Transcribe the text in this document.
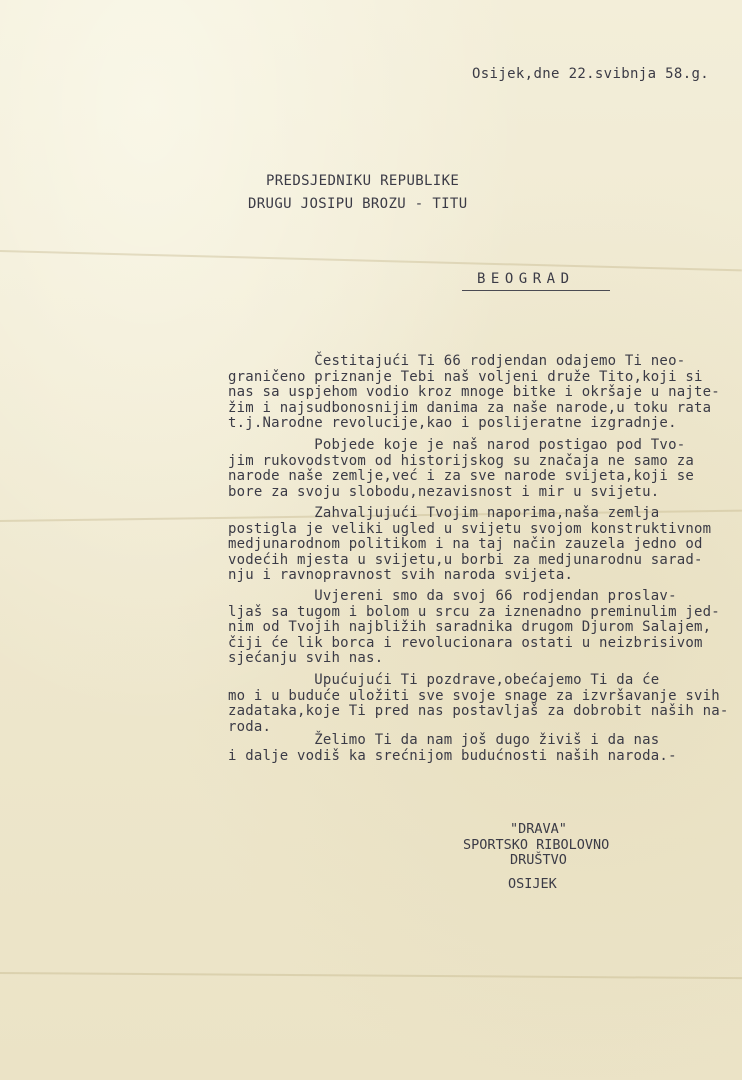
Osijek,dne 22.svibnja 58.g.
PREDSJEDNIKU REPUBLIKE
DRUGU JOSIPU BROZU - TITU
BEOGRAD
Čestitajući Ti 66 rodjendan odajemo Ti neo-
graničeno priznanje Tebi naš voljeni druže Tito,koji si
nas sa uspjehom vodio kroz mnoge bitke i okršaje u najte-
žim i najsudbonosnijim danima za naše narode,u toku rata
t.j.Narodne revolucije,kao i poslijeratne izgradnje.
Pobjede koje je naš narod postigao pod Tvo-
jim rukovodstvom od historijskog su značaja ne samo za
narode naše zemlje,već i za sve narode svijeta,koji se
bore za svoju slobodu,nezavisnost i mir u svijetu.
Zahvaljujući Tvojim naporima,naša zemlja
postigla je veliki ugled u svijetu svojom konstruktivnom
medjunarodnom politikom i na taj način zauzela jedno od
vodećih mjesta u svijetu,u borbi za medjunarodnu sarad-
nju i ravnopravnost svih naroda svijeta.
Uvjereni smo da svoj 66 rodjendan proslav-
ljaš sa tugom i bolom u srcu za iznenadno preminulim jed-
nim od Tvojih najbližih saradnika drugom Djurom Salajem,
čiji će lik borca i revolucionara ostati u neizbrisivom
sjećanju svih nas.
Upućujući Ti pozdrave,obećajemo Ti da će
mo i u buduće uložiti sve svoje snage za izvršavanje svih
zadataka,koje Ti pred nas postavljaš za dobrobit naših na-
roda.
Želimo Ti da nam još dugo živiš i da nas
i dalje vodiš ka srećnijom budućnosti naših naroda.-
"DRAVA"
SPORTSKO RIBOLOVNO
DRUŠTVO
OSIJEK
